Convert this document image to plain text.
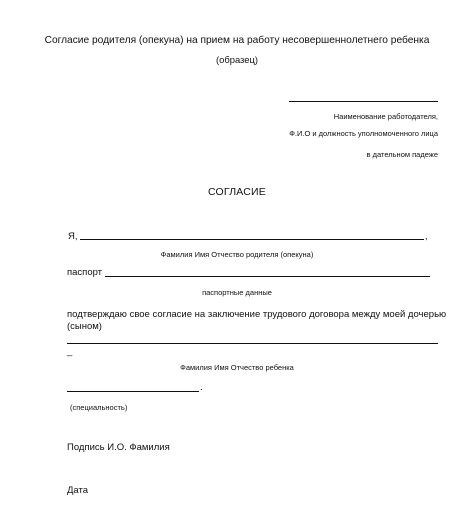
Согласие родителя (опекуна) на прием на работу несовершеннолетнего ребенка
(образец)
Наименование работодателя,
Ф.И.О и должность уполномоченного лица
в дательном падеже
СОГЛАСИЕ
Я,	,
Фамилия Имя Отчество родителя (опекуна)
паспорт
паспортные данные
подтверждаю свое согласие на заключение трудового договора между моей дочерью (сыном)
_
Фамилия Имя Отчество ребенка
.
(специальность)
Подпись И.О. Фамилия
Дата
